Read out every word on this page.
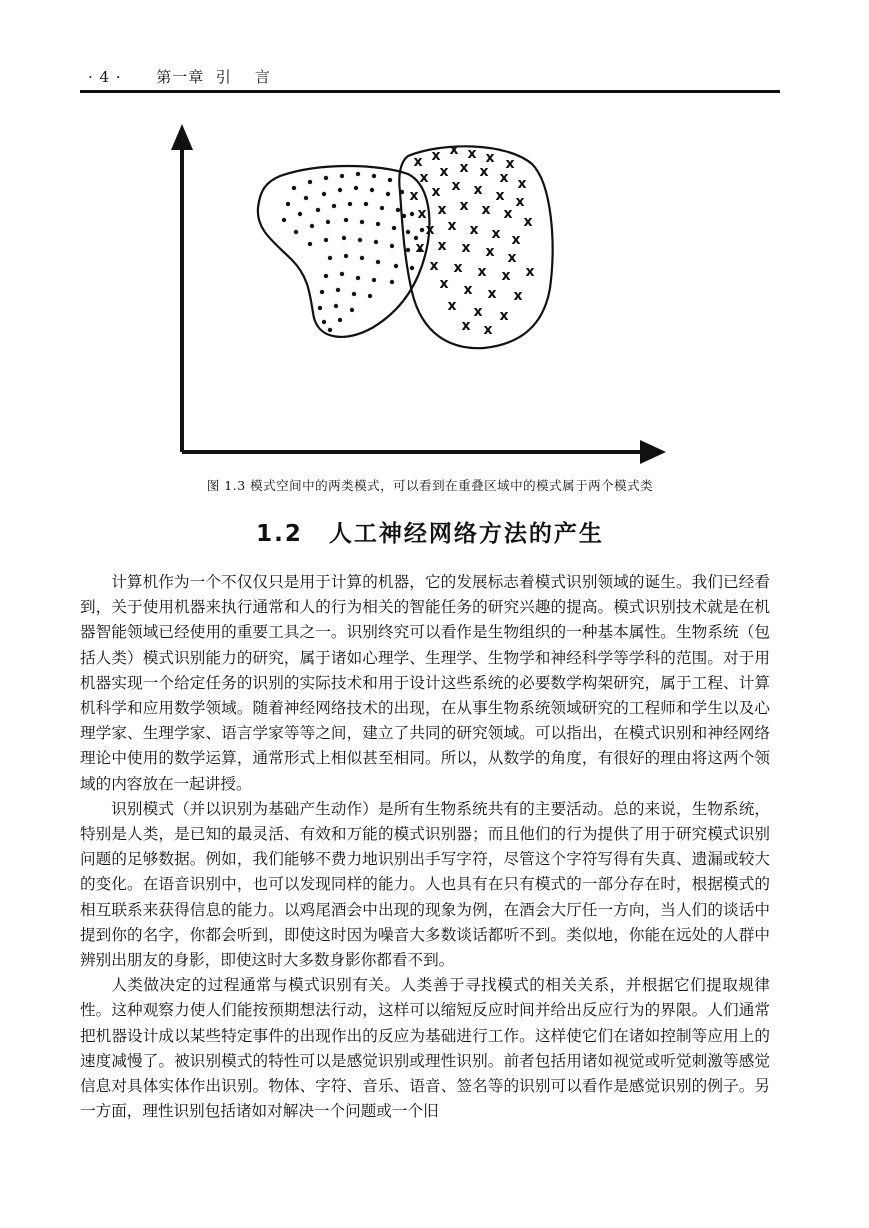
· 4 · 第一章  引    言
x x x x x x
x x x x x x
x x x x x x
x x x x x x
x x x x x
x x x x x
x x x x x
x x x x
x x x
x x
图 1.3 模式空间中的两类模式，可以看到在重叠区域中的模式属于两个模式类
1.2 人工神经网络方法的产生

计算机作为一个不仅仅只是用于计算的机器，它的发展标志着模式识别领域的诞生。我们已经看到，关于使用机器来执行通常和人的行为相关的智能任务的研究兴趣的提高。模式识别技术就是在机器智能领域已经使用的重要工具之一。识别终究可以看作是生物组织的一种基本属性。生物系统（包括人类）模式识别能力的研究，属于诸如心理学、生理学、生物学和神经科学等学科的范围。对于用机器实现一个给定任务的识别的实际技术和用于设计这些系统的必要数学构架研究，属于工程、计算机科学和应用数学领域。随着神经网络技术的出现，在从事生物系统领域研究的工程师和学生以及心理学家、生理学家、语言学家等等之间，建立了共同的研究领域。可以指出，在模式识别和神经网络理论中使用的数学运算，通常形式上相似甚至相同。所以，从数学的角度，有很好的理由将这两个领域的内容放在一起讲授。

识别模式（并以识别为基础产生动作）是所有生物系统共有的主要活动。总的来说，生物系统，特别是人类，是已知的最灵活、有效和万能的模式识别器；而且他们的行为提供了用于研究模式识别问题的足够数据。例如，我们能够不费力地识别出手写字符，尽管这个字符写得有失真、遗漏或较大的变化。在语音识别中，也可以发现同样的能力。人也具有在只有模式的一部分存在时，根据模式的相互联系来获得信息的能力。以鸡尾酒会中出现的现象为例，在酒会大厅任一方向，当人们的谈话中提到你的名字，你都会听到，即使这时因为噪音大多数谈话都听不到。类似地，你能在远处的人群中辨别出朋友的身影，即使这时大多数身影你都看不到。

人类做决定的过程通常与模式识别有关。人类善于寻找模式的相关关系，并根据它们提取规律性。这种观察力使人们能按预期想法行动，这样可以缩短反应时间并给出反应行为的界限。人们通常把机器设计成以某些特定事件的出现作出的反应为基础进行工作。这样使它们在诸如控制等应用上的速度减慢了。被识别模式的特性可以是感觉识别或理性识别。前者包括用诸如视觉或听觉刺激等感觉信息对具体实体作出识别。物体、字符、音乐、语音、签名等的识别可以看作是感觉识别的例子。另一方面，理性识别包括诸如对解决一个问题或一个旧
